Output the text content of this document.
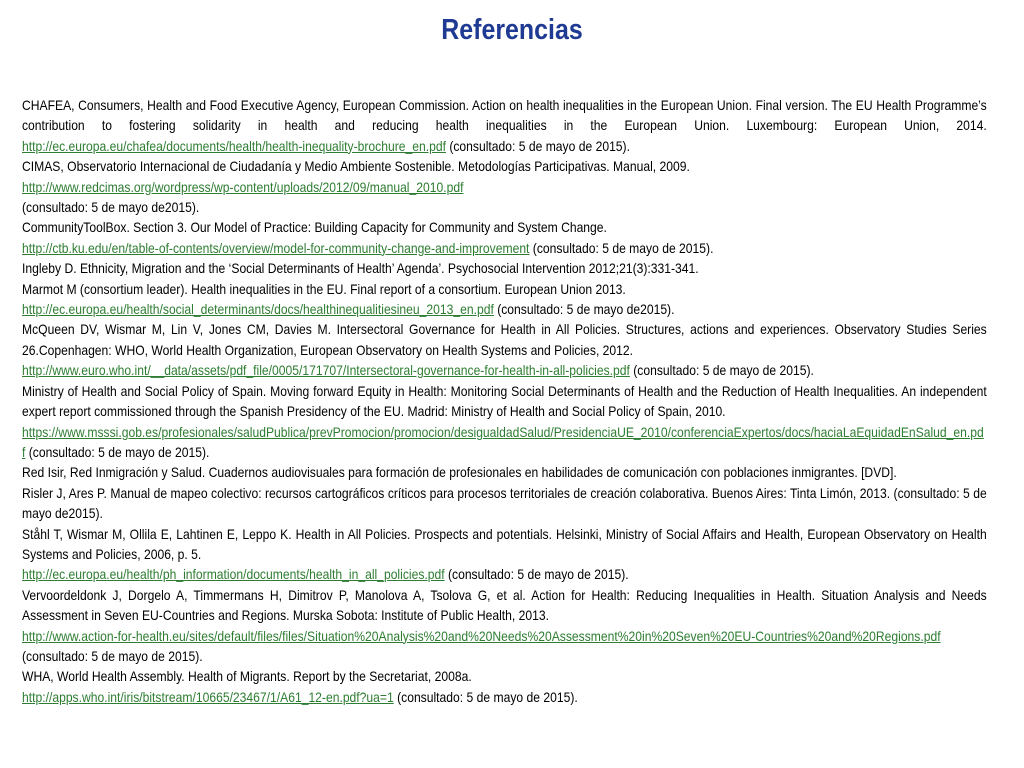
Referencias

CHAFEA, Consumers, Health and Food Executive Agency, European Commission. Action on health inequalities in the European Union. Final version. The EU Health Programme’s contribution to fostering solidarity in health and reducing health inequalities in the European Union. Luxembourg: European Union, 2014. http://ec.europa.eu/chafea/documents/health/health-inequality-brochure_en.pdf (consultado: 5 de mayo de 2015).

CIMAS, Observatorio Internacional de Ciudadanía y Medio Ambiente Sostenible. Metodologías Participativas. Manual, 2009.
http://www.redcimas.org/wordpress/wp-content/uploads/2012/09/manual_2010.pdf
(consultado: 5 de mayo de2015).

CommunityToolBox. Section 3. Our Model of Practice: Building Capacity for Community and System Change.
http://ctb.ku.edu/en/table-of-contents/overview/model-for-community-change-and-improvement (consultado: 5 de mayo de 2015).

Ingleby D. Ethnicity, Migration and the ‘Social Determinants of Health’ Agenda’. Psychosocial Intervention 2012;21(3):331-341.

Marmot M (consortium leader). Health inequalities in the EU. Final report of a consortium. European Union 2013.
http://ec.europa.eu/health/social_determinants/docs/healthinequalitiesineu_2013_en.pdf (consultado: 5 de mayo de2015).

McQueen DV, Wismar M, Lin V, Jones CM, Davies M. Intersectoral Governance for Health in All Policies. Structures, actions and experiences. Observatory Studies Series 26.Copenhagen: WHO, World Health Organization, European Observatory on Health Systems and Policies, 2012.
http://www.euro.who.int/__data/assets/pdf_file/0005/171707/Intersectoral-governance-for-health-in-all-policies.pdf (consultado: 5 de mayo de 2015).

Ministry of Health and Social Policy of Spain. Moving forward Equity in Health: Monitoring Social Determinants of Health and the Reduction of Health Inequalities. An independent expert report commissioned through the Spanish Presidency of the EU. Madrid: Ministry of Health and Social Policy of Spain, 2010.
https://www.msssi.gob.es/profesionales/saludPublica/prevPromocion/promocion/desigualdadSalud/PresidenciaUE_2010/conferenciaExpertos/docs/haciaLaEquidadEnSalud_en.pdf (consultado: 5 de mayo de 2015).

Red Isir, Red Inmigración y Salud. Cuadernos audiovisuales para formación de profesionales en habilidades de comunicación con poblaciones inmigrantes. [DVD].

Risler J, Ares P. Manual de mapeo colectivo: recursos cartográficos críticos para procesos territoriales de creación colaborativa. Buenos Aires: Tinta Limón, 2013. (consultado: 5 de mayo de2015).

Ståhl T, Wismar M, Ollila E, Lahtinen E, Leppo K. Health in All Policies. Prospects and potentials. Helsinki, Ministry of Social Affairs and Health, European Observatory on Health Systems and Policies, 2006, p. 5.
http://ec.europa.eu/health/ph_information/documents/health_in_all_policies.pdf (consultado: 5 de mayo de 2015).

Vervoordeldonk J, Dorgelo A, Timmermans H, Dimitrov P, Manolova A, Tsolova G, et al. Action for Health: Reducing Inequalities in Health. Situation Analysis and Needs Assessment in Seven EU-Countries and Regions. Murska Sobota: Institute of Public Health, 2013.
http://www.action-for-health.eu/sites/default/files/files/Situation%20Analysis%20and%20Needs%20Assessment%20in%20Seven%20EU-Countries%20and%20Regions.pdf (consultado: 5 de mayo de 2015).

WHA, World Health Assembly. Health of Migrants. Report by the Secretariat, 2008a.
http://apps.who.int/iris/bitstream/10665/23467/1/A61_12-en.pdf?ua=1 (consultado: 5 de mayo de 2015).
